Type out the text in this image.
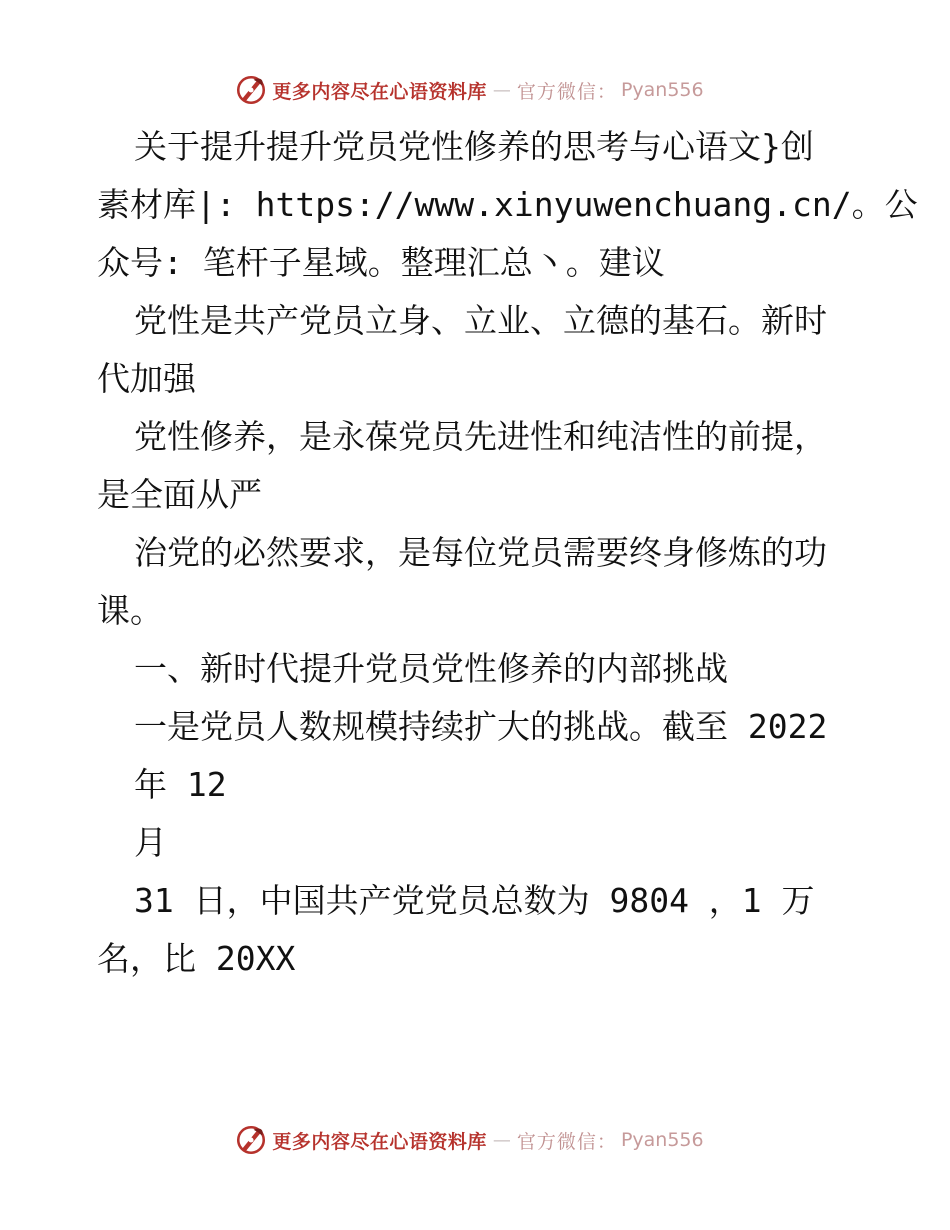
更多内容尽在心语资料库 — 官方微信： Pyan556
关于提升提升党员党性修养的思考与心语文}创
素材库|: https://www.xinyuwenchuang.cn/。公
众号: 笔杆子星域。整理汇总丶。建议
党性是共产党员立身、立业、立德的基石。新时
代加强
党性修养，是永葆党员先进性和纯洁性的前提，
是全面从严
治党的必然要求，是每位党员需要终身修炼的功
课。
一、新时代提升党员党性修养的内部挑战
一是党员人数规模持续扩大的挑战。截至 2022
年 12
月
31 日，中国共产党党员总数为 9804 ，1 万
名，比 20XX
更多内容尽在心语资料库 — 官方微信： Pyan556
